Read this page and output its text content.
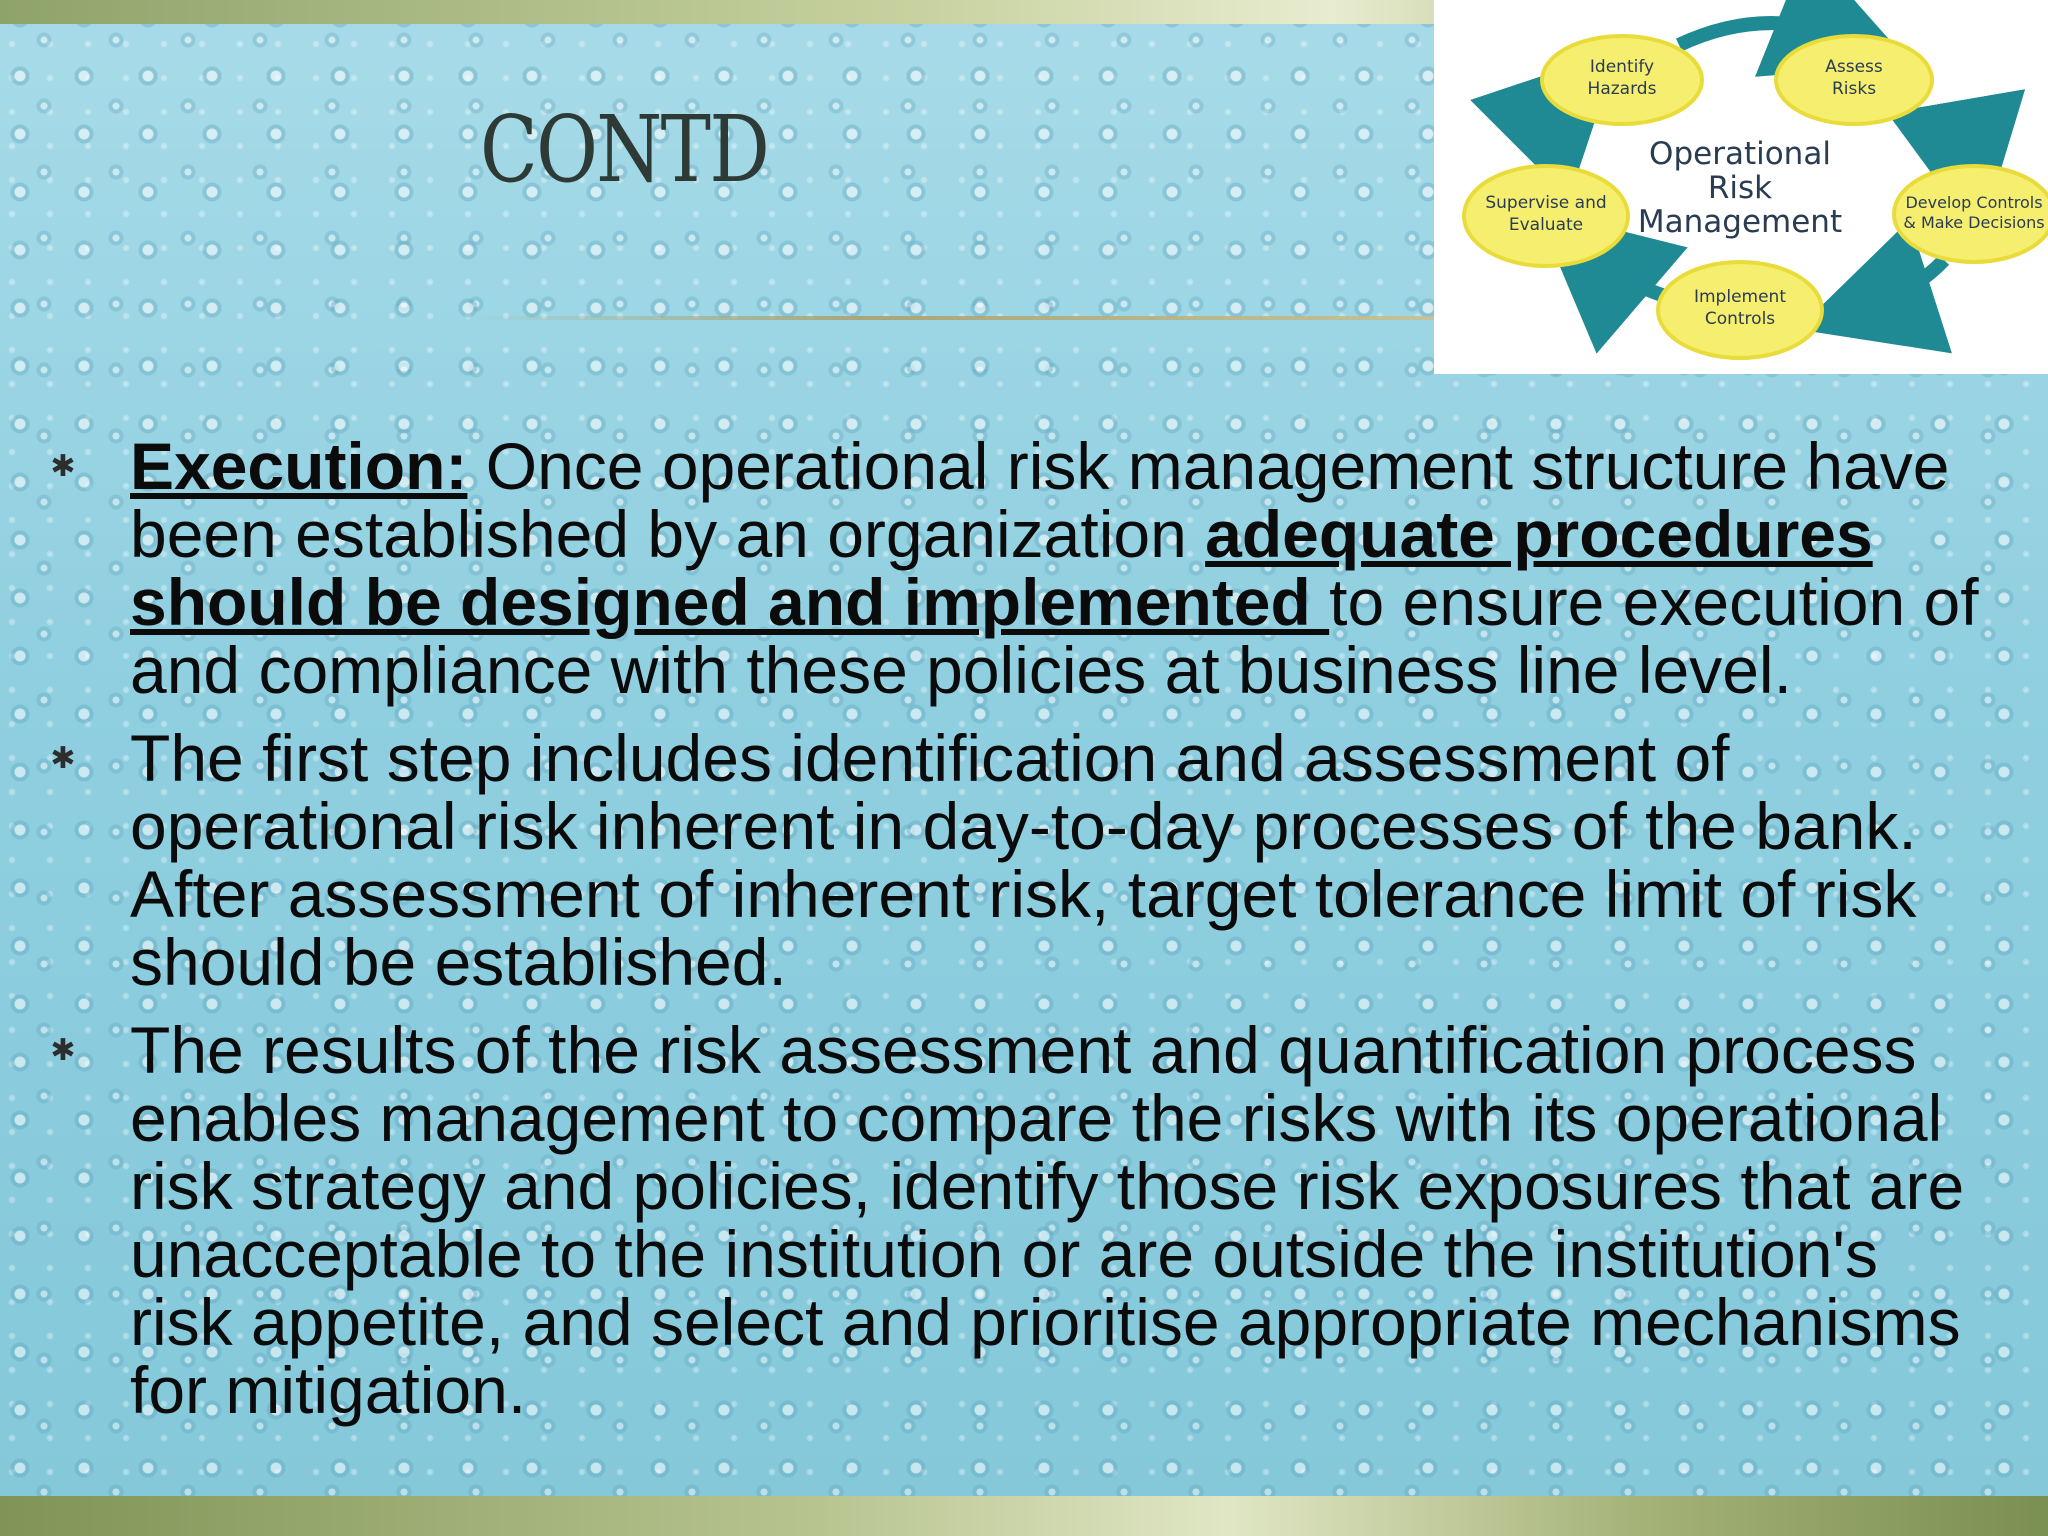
CONTD
Identify
Hazards
Assess
Risks
Develop Controls
& Make Decisions
Implement
Controls
Supervise and
Evaluate
Operational
Risk
Management
✱ Execution: Once operational risk management structure have been established by an organization adequate procedures should be designed and implemented to ensure execution of and compliance with these policies at business line level.
✱ The first step includes identification and assessment of operational risk inherent in day-to-day processes of the bank. After assessment of inherent risk, target tolerance limit of risk should be established.
✱ The results of the risk assessment and quantification process enables management to compare the risks with its operational risk strategy and policies, identify those risk exposures that are unacceptable to the institution or are outside the institution's risk appetite, and select and prioritise appropriate mechanisms for mitigation.
